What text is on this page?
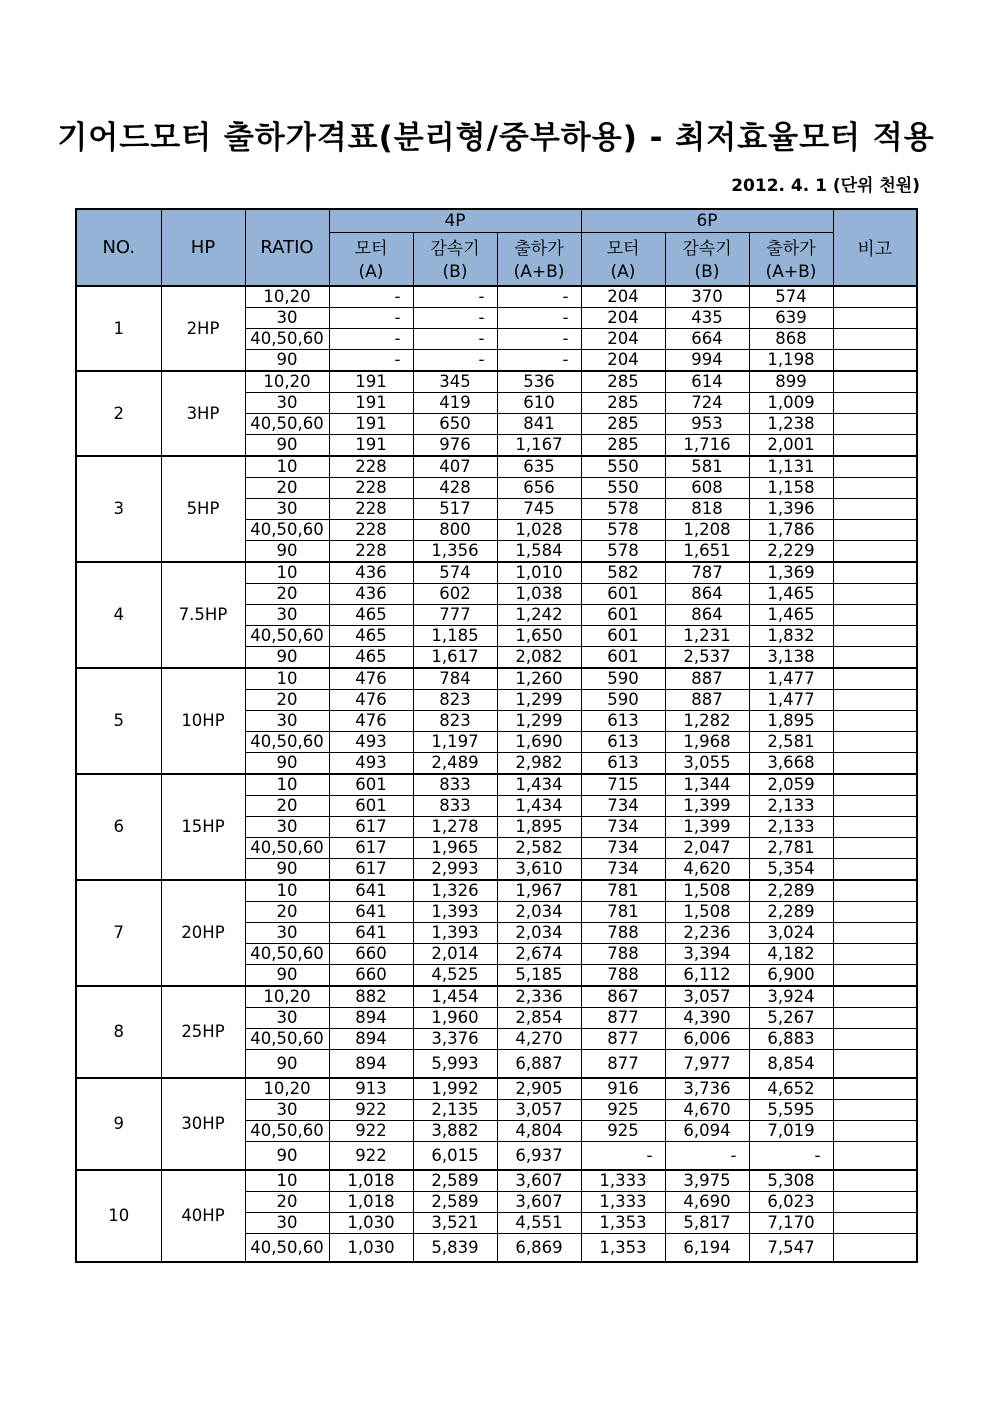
기어드모터 출하가격표(분리형/중부하용) - 최저효율모터 적용
2012. 4. 1 (단위 천원)
NO.	HP	RATIO	4P			6P			비고
			모터	감속기	출하가	모터	감속기	출하가	
			(A)	(B)	(A+B)	(A)	(B)	(A+B)	
1	2HP	10,20	-	-	-	204	370	574	
		30	-	-	-	204	435	639	
		40,50,60	-	-	-	204	664	868	
		90	-	-	-	204	994	1,198	
2	3HP	10,20	191	345	536	285	614	899	
		30	191	419	610	285	724	1,009	
		40,50,60	191	650	841	285	953	1,238	
		90	191	976	1,167	285	1,716	2,001	
3	5HP	10	228	407	635	550	581	1,131	
		20	228	428	656	550	608	1,158	
		30	228	517	745	578	818	1,396	
		40,50,60	228	800	1,028	578	1,208	1,786	
		90	228	1,356	1,584	578	1,651	2,229	
4	7.5HP	10	436	574	1,010	582	787	1,369	
		20	436	602	1,038	601	864	1,465	
		30	465	777	1,242	601	864	1,465	
		40,50,60	465	1,185	1,650	601	1,231	1,832	
		90	465	1,617	2,082	601	2,537	3,138	
5	10HP	10	476	784	1,260	590	887	1,477	
		20	476	823	1,299	590	887	1,477	
		30	476	823	1,299	613	1,282	1,895	
		40,50,60	493	1,197	1,690	613	1,968	2,581	
		90	493	2,489	2,982	613	3,055	3,668	
6	15HP	10	601	833	1,434	715	1,344	2,059	
		20	601	833	1,434	734	1,399	2,133	
		30	617	1,278	1,895	734	1,399	2,133	
		40,50,60	617	1,965	2,582	734	2,047	2,781	
		90	617	2,993	3,610	734	4,620	5,354	
7	20HP	10	641	1,326	1,967	781	1,508	2,289	
		20	641	1,393	2,034	781	1,508	2,289	
		30	641	1,393	2,034	788	2,236	3,024	
		40,50,60	660	2,014	2,674	788	3,394	4,182	
		90	660	4,525	5,185	788	6,112	6,900	
8	25HP	10,20	882	1,454	2,336	867	3,057	3,924	
		30	894	1,960	2,854	877	4,390	5,267	
		40,50,60	894	3,376	4,270	877	6,006	6,883	
		90	894	5,993	6,887	877	7,977	8,854	
9	30HP	10,20	913	1,992	2,905	916	3,736	4,652	
		30	922	2,135	3,057	925	4,670	5,595	
		40,50,60	922	3,882	4,804	925	6,094	7,019	
		90	922	6,015	6,937	-	-	-	
10	40HP	10	1,018	2,589	3,607	1,333	3,975	5,308	
		20	1,018	2,589	3,607	1,333	4,690	6,023	
		30	1,030	3,521	4,551	1,353	5,817	7,170	
		40,50,60	1,030	5,839	6,869	1,353	6,194	7,547	
